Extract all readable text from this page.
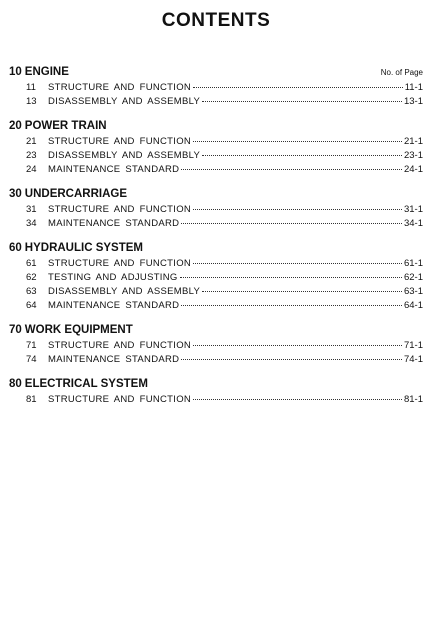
CONTENTS
10 ENGINE	No. of Page
11	STRUCTURE AND FUNCTION	11-1
13	DISASSEMBLY AND ASSEMBLY	13-1
20 POWER TRAIN
21	STRUCTURE AND FUNCTION	21-1
23	DISASSEMBLY AND ASSEMBLY	23-1
24	MAINTENANCE STANDARD	24-1
30 UNDERCARRIAGE
31	STRUCTURE AND FUNCTION	31-1
34	MAINTENANCE STANDARD	34-1
60 HYDRAULIC SYSTEM
61	STRUCTURE AND FUNCTION	61-1
62	TESTING AND ADJUSTING	62-1
63	DISASSEMBLY AND ASSEMBLY	63-1
64	MAINTENANCE STANDARD	64-1
70 WORK EQUIPMENT
71	STRUCTURE AND FUNCTION	71-1
74	MAINTENANCE STANDARD	74-1
80 ELECTRICAL SYSTEM
81	STRUCTURE AND FUNCTION	81-1
